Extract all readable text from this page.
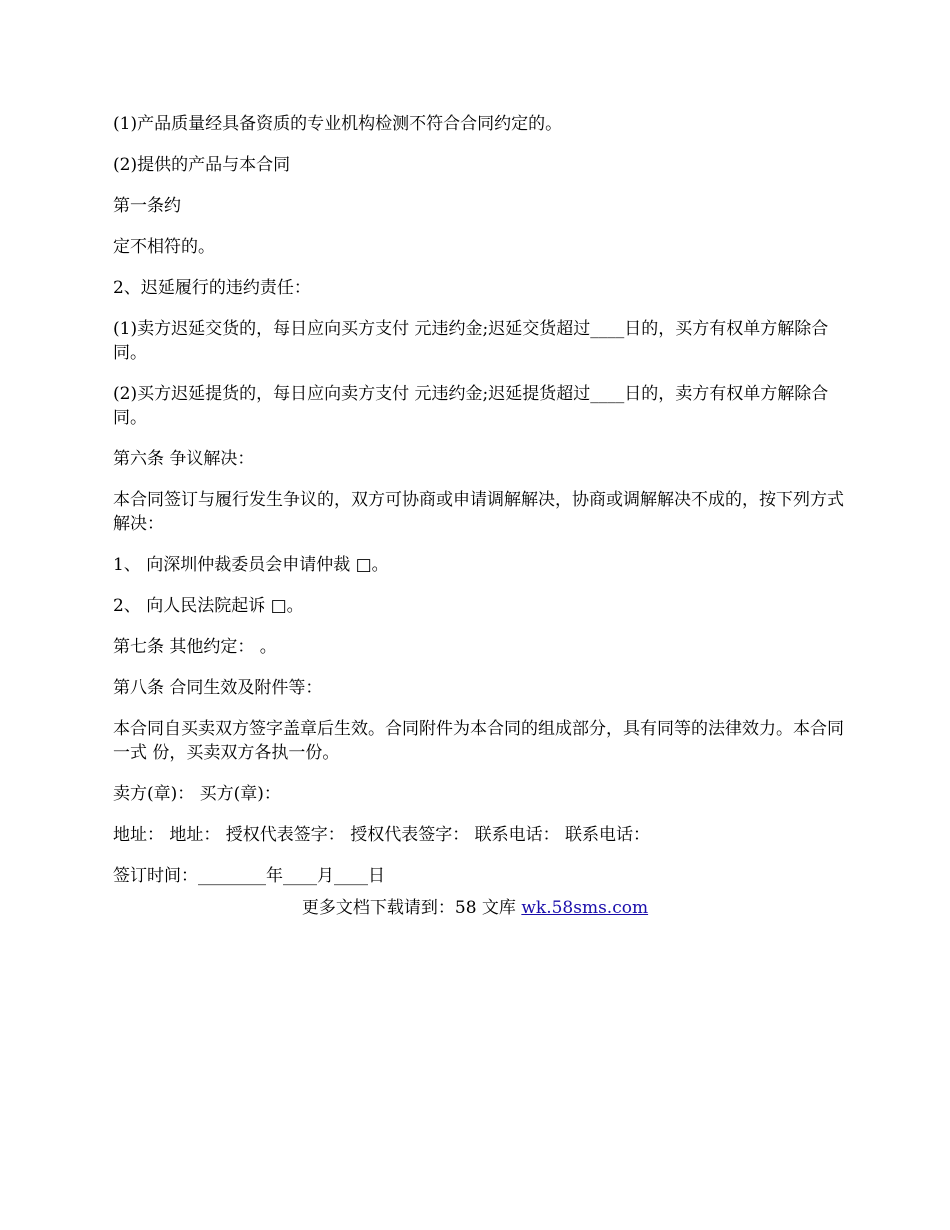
(1)产品质量经具备资质的专业机构检测不符合合同约定的。

(2)提供的产品与本合同

第一条约

定不相符的。

2、迟延履行的违约责任：

(1)卖方迟延交货的，每日应向买方支付 元违约金;迟延交货超过____日的，买方有权单方解除合同。

(2)买方迟延提货的，每日应向卖方支付 元违约金;迟延提货超过____日的，卖方有权单方解除合同。

第六条 争议解决：

本合同签订与履行发生争议的，双方可协商或申请调解解决，协商或调解解决不成的，按下列方式解决：

1、 向深圳仲裁委员会申请仲裁 □。

2、 向人民法院起诉 □。

第七条 其他约定： 。

第八条 合同生效及附件等：

本合同自买卖双方签字盖章后生效。合同附件为本合同的组成部分，具有同等的法律效力。本合同一式 份，买卖双方各执一份。

卖方(章)： 买方(章)：

地址： 地址： 授权代表签字： 授权代表签字： 联系电话： 联系电话：

签订时间：________年____月____日

更多文档下载请到：58 文库 wk.58sms.com
